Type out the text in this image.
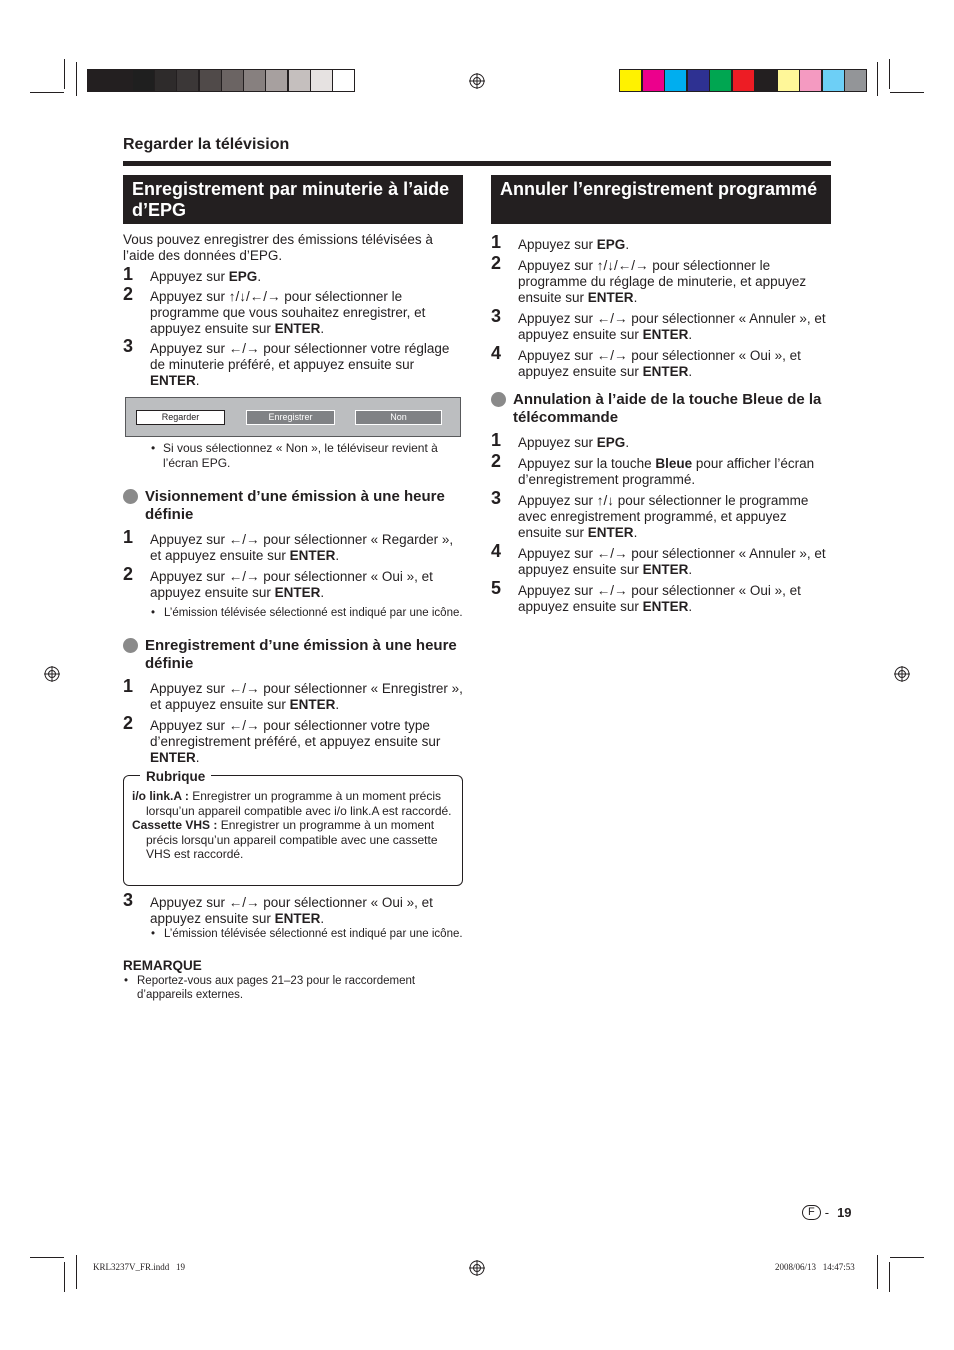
Regarder la télévision
Enregistrement par minuterie à l’aide d’EPG
Annuler l’enregistrement programmé

Vous pouvez enregistrer des émissions télévisées à l’aide des données d’EPG.

1 Appuyez sur EPG.

2 Appuyez sur ↑/↓/←/→ pour sélectionner le programme que vous souhaitez enregistrer, et appuyez ensuite sur ENTER.

3 Appuyez sur ←/→ pour sélectionner votre réglage de minuterie préféré, et appuyez ensuite sur ENTER.

Regarder	Enregistrer	Non

• Si vous sélectionnez « Non », le téléviseur revient à l’écran EPG.

Visionnement d’une émission à une heure définie

1 Appuyez sur ←/→ pour sélectionner « Regarder », et appuyez ensuite sur ENTER.

2 Appuyez sur ←/→ pour sélectionner « Oui », et appuyez ensuite sur ENTER.

• L’émission télévisée sélectionné est indiqué par une icône.

Enregistrement d’une émission à une heure définie

1 Appuyez sur ←/→ pour sélectionner « Enregistrer », et appuyez ensuite sur ENTER.

2 Appuyez sur ←/→ pour sélectionner votre type d’enregistrement préféré, et appuyez ensuite sur ENTER.

Rubrique

i/o link.A : Enregistrer un programme à un moment précis lorsqu’un appareil compatible avec i/o link.A est raccordé.

Cassette VHS : Enregistrer un programme à un moment précis lorsqu’un appareil compatible avec une cassette VHS est raccordé.

3 Appuyez sur ←/→ pour sélectionner « Oui », et appuyez ensuite sur ENTER.

• L’émission télévisée sélectionné est indiqué par une icône.

REMARQUE

• Reportez-vous aux pages 21–23 pour le raccordement d’appareils externes.

1 Appuyez sur EPG.

2 Appuyez sur ↑/↓/←/→ pour sélectionner le programme du réglage de minuterie, et appuyez ensuite sur ENTER.

3 Appuyez sur ←/→ pour sélectionner « Annuler », et appuyez ensuite sur ENTER.

4 Appuyez sur ←/→ pour sélectionner « Oui », et appuyez ensuite sur ENTER.

Annulation à l’aide de la touche Bleue de la télécommande

1 Appuyez sur EPG.

2 Appuyez sur la touche Bleue pour afficher l’écran d’enregistrement programmé.

3 Appuyez sur ↑/↓ pour sélectionner le programme avec enregistrement programmé, et appuyez ensuite sur ENTER.

4 Appuyez sur ←/→ pour sélectionner « Annuler », et appuyez ensuite sur ENTER.

5 Appuyez sur ←/→ pour sélectionner « Oui », et appuyez ensuite sur ENTER.

F - 19
KRL3237V_FR.indd   19	2008/06/13   14:47:53
